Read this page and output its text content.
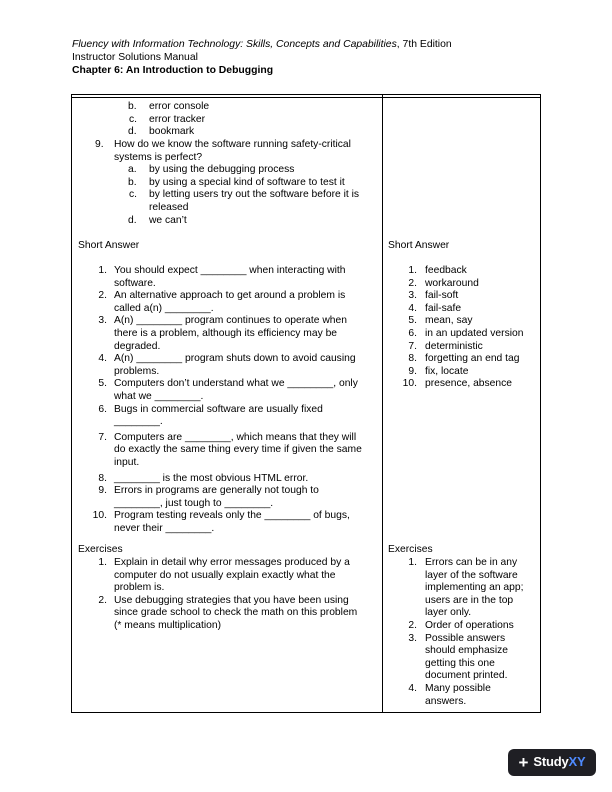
Fluency with Information Technology: Skills, Concepts and Capabilities, 7th Edition
Instructor Solutions Manual
Chapter 6: An Introduction to Debugging
b. error console
c. error tracker
d. bookmark
9. How do we know the software running safety-critical
systems is perfect?
a. by using the debugging process
b. by using a special kind of software to test it
c. by letting users try out the software before it is
released
d. we can’t
Short Answer	Short Answer
1. You should expect ________ when interacting with
software.
2. An alternative approach to get around a problem is
called a(n) ________.
3. A(n) ________ program continues to operate when
there is a problem, although its efficiency may be
degraded.
4. A(n) ________ program shuts down to avoid causing
problems.
5. Computers don’t understand what we ________, only
what we ________.
6. Bugs in commercial software are usually fixed
________.
7. Computers are ________, which means that they will
do exactly the same thing every time if given the same
input.
8. ________ is the most obvious HTML error.
9. Errors in programs are generally not tough to
________, just tough to ________.
10. Program testing reveals only the ________ of bugs,
never their ________.
1. feedback
2. workaround
3. fail-soft
4. fail-safe
5. mean, say
6. in an updated version
7. deterministic
8. forgetting an end tag
9. fix, locate
10. presence, absence
Exercises	Exercises
1. Explain in detail why error messages produced by a
computer do not usually explain exactly what the
problem is.
2. Use debugging strategies that you have been using
since grade school to check the math on this problem
(* means multiplication)
1. Errors can be in any
layer of the software
implementing an app;
users are in the top
layer only.
2. Order of operations
3. Possible answers
should emphasize
getting this one
document printed.
4. Many possible
answers.
+ StudyXY
